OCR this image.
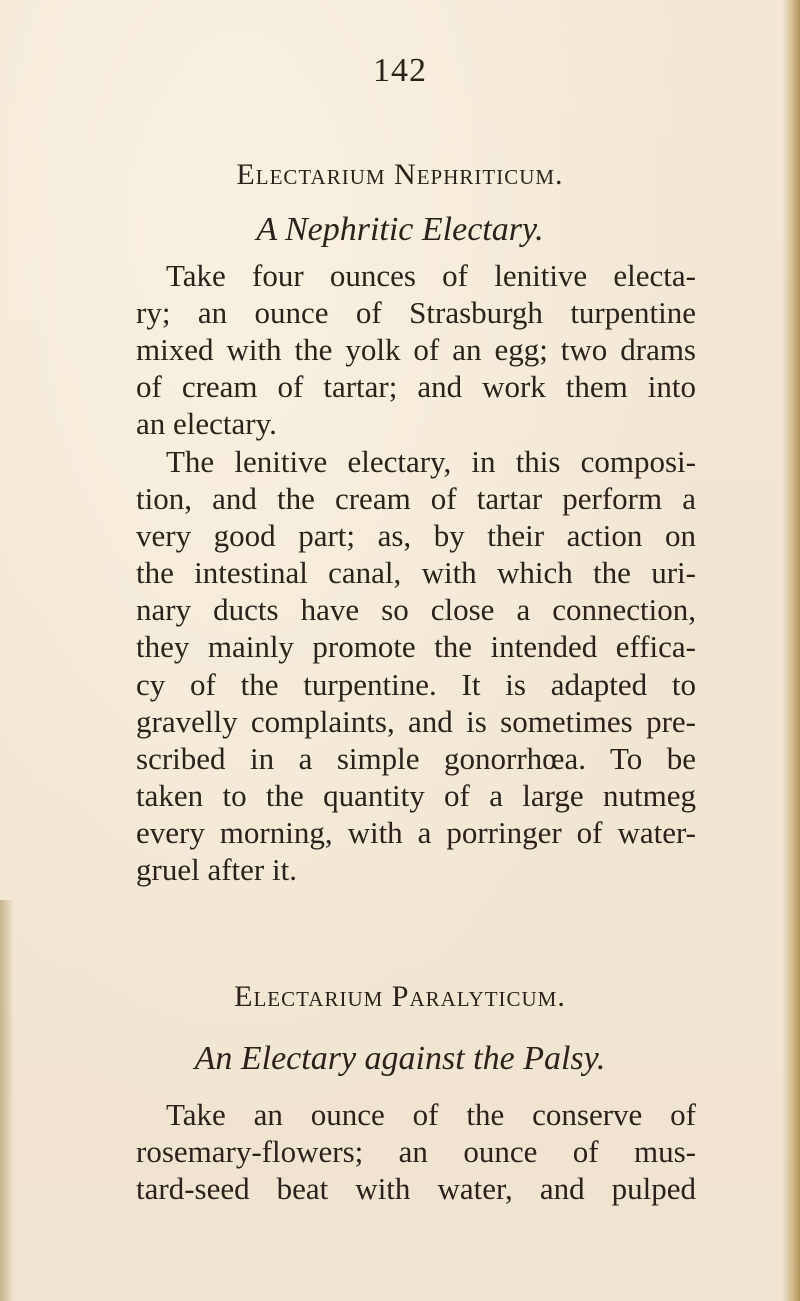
142
Electarium Nephriticum.
A Nephritic Electary.
Take four ounces of lenitive electa-
ry; an ounce of Strasburgh turpentine
mixed with the yolk of an egg; two drams
of cream of tartar; and work them into
an electary.
The lenitive electary, in this composi-
tion, and the cream of tartar perform a
very good part; as, by their action on
the intestinal canal, with which the uri-
nary ducts have so close a connection,
they mainly promote the intended effica-
cy of the turpentine. It is adapted to
gravelly complaints, and is sometimes pre-
scribed in a simple gonorrhœa. To be
taken to the quantity of a large nutmeg
every morning, with a porringer of water-
gruel after it.
Electarium Paralyticum.
An Electary against the Palsy.
Take an ounce of the conserve of
rosemary-flowers; an ounce of mus-
tard-seed beat with water, and pulped
